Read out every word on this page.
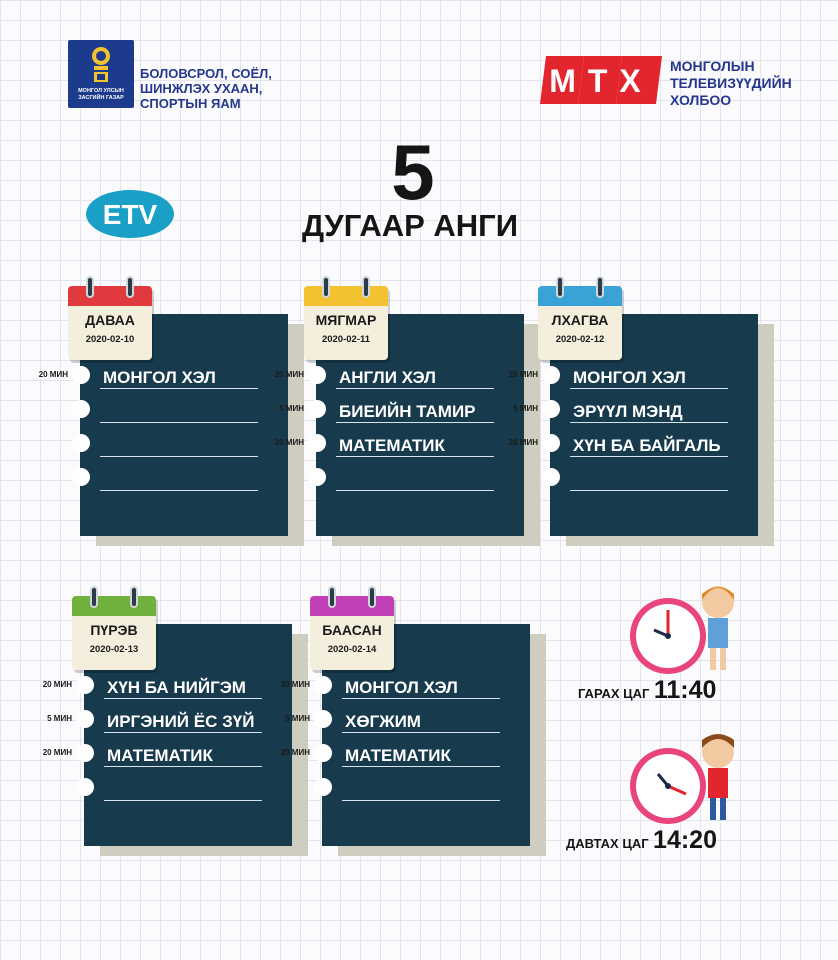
МОНГОЛ УЛСЫН ЗАСГИЙН ГАЗАР
БОЛОВСРОЛ, СОЁЛ, ШИНЖЛЭХ УХААН, СПОРТЫН ЯАМ
МТХ МОНГОЛЫН ТЕЛЕВИЗҮҮДИЙН ХОЛБОО
5
ДУГААР АНГИ
ETV
20 МИН МОНГОЛ ХЭЛ
ДАВАА
2020-02-10
20 МИН АНГЛИ ХЭЛ
5 МИН БИЕИЙН ТАМИР
20 МИН МАТЕМАТИК
МЯГМАР
2020-02-11
20 МИН МОНГОЛ ХЭЛ
5 МИН ЭРҮҮЛ МЭНД
20 МИН ХҮН БА БАЙГАЛЬ
ЛХАГВА
2020-02-12
20 МИН ХҮН БА НИЙГЭМ
5 МИН ИРГЭНИЙ ЁС ЗҮЙ
20 МИН МАТЕМАТИК
ПҮРЭВ
2020-02-13
20 МИН МОНГОЛ ХЭЛ
5 МИН ХӨГЖИМ
20 МИН МАТЕМАТИК
БААСАН
2020-02-14
ГАРАХ ЦАГ 11:40
ДАВТАХ ЦАГ 14:20
